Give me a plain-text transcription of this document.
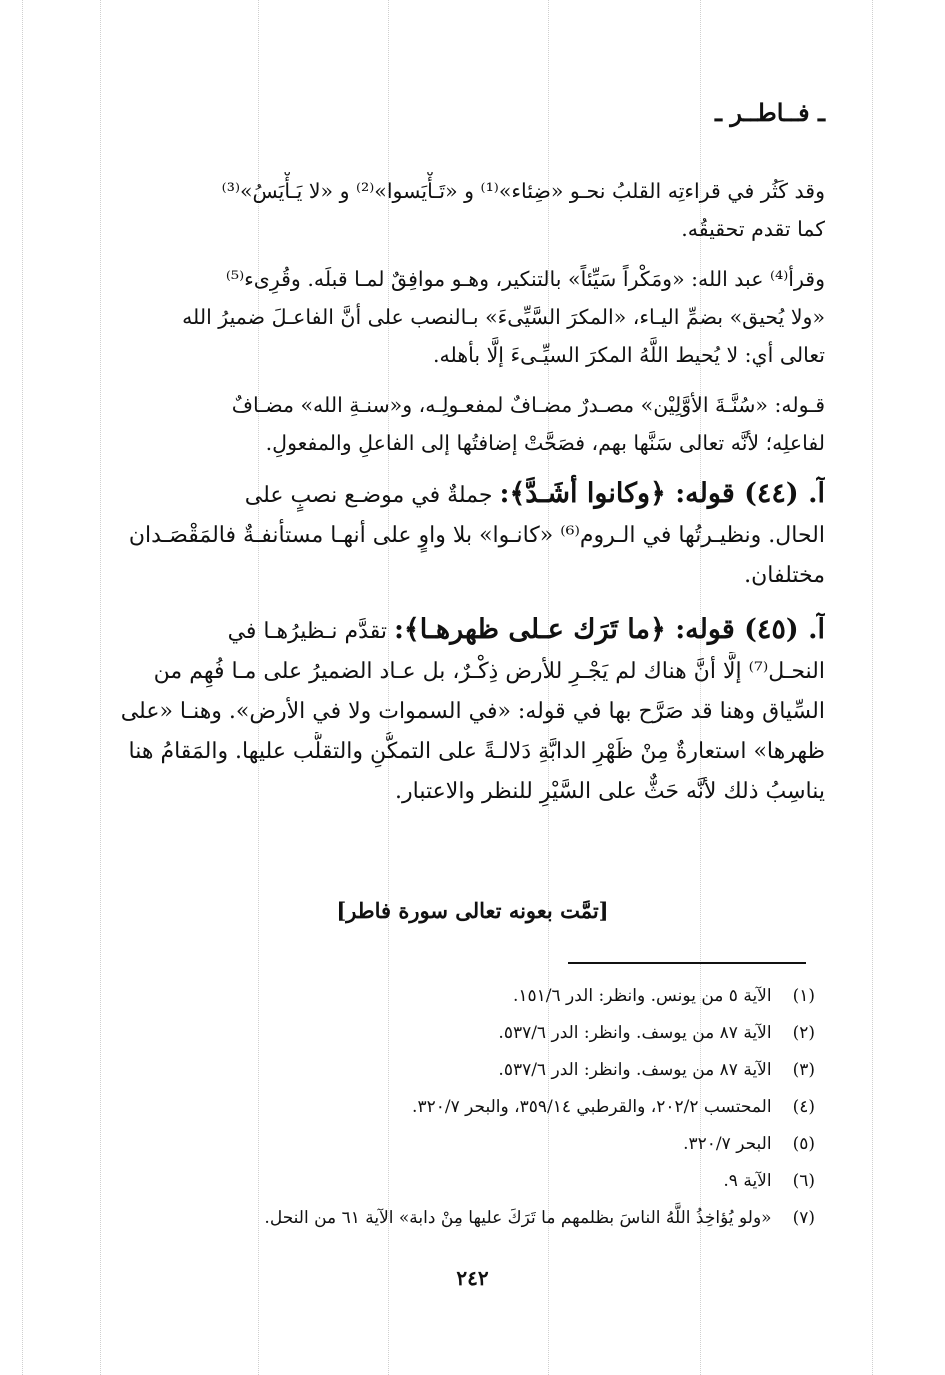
ـ فــاطــر ـ

وقد كَثُر في قراءتِه القلبُ نحـو «ضِئاء»⁽¹⁾ و «تَـأْيَسوا»⁽²⁾ و «لا يَـأْيَسُ»⁽³⁾
كما تقدم تحقيقُه.

وقرأ⁽⁴⁾ عبد الله: «ومَكْراً سَيِّئاً» بالتنكير، وهـو موافِقٌ لمـا قبلَه. وقُرِىء⁽⁵⁾
«ولا يُحيق» بضمِّ اليـاء، «المكرَ السَّيِّىءَ» بـالنصب على أنَّ الفاعـلَ ضميرُ الله
تعالى أي: لا يُحيط اللَّهُ المكرَ السيِّـىءَ إلَّا بأهله.

قـوله: «سُنَّـةَ الأوَّلِيْن» مصـدرٌ مضـافٌ لمفعـولِـه، و«سنـةِ الله» مضـافٌ
لفاعلِه؛ لأنَّه تعالى سَنَّها بهم، فصَحَّتْ إضافتُها إلى الفاعلِ والمفعولِ.

آ. (٤٤) قوله: ﴿وكانوا أشَـدَّ﴾: جملةٌ في موضـع نصبٍ على
الحال. ونظيـرتُها في الـروم⁽⁶⁾ «كانـوا» بلا واوٍ على أنهـا مستأنفـةٌ فالمَقْصَـدان
مختلفان.

آ. (٤٥) قوله: ﴿ما تَرَك عـلى ظهرهـا﴾: تقدَّم نـظيرُهـا في
النحـل⁽⁷⁾ إلَّا أنَّ هناك لم يَجْـرِ للأرض ذِكْـرٌ، بل عـاد الضميرُ على مـا فُهِم من
السِّياق وهنا قد صَرَّح بها في قوله: «في السموات ولا في الأرض». وهنـا «على
ظهرها» استعارةٌ مِنْ ظَهْرِ الدابَّةِ دَلالـةً على التمكُّنِ والتقلُّب عليها. والمَقامُ هنا
يناسِبُ ذلك لأنَّه حَثٌّ على السَّيْرِ للنظر والاعتبار.

[تمَّت بعونه تعالى سورة فاطر]
(١) الآية ٥ من يونس. وانظر: الدر ١٥١/٦.
(٢) الآية ٨٧ من يوسف. وانظر: الدر ٥٣٧/٦.
(٣) الآية ٨٧ من يوسف. وانظر: الدر ٥٣٧/٦.
(٤) المحتسب ٢٠٢/٢، والقرطبي ٣٥٩/١٤، والبحر ٣٢٠/٧.
(٥) البحر ٣٢٠/٧.
(٦) الآية ٩.
(٧) «ولو يُؤاخِذُ اللَّهُ الناسَ بظلمهم ما تَرَكَ عليها مِنْ دابة» الآية ٦١ من النحل.
٢٤٢
